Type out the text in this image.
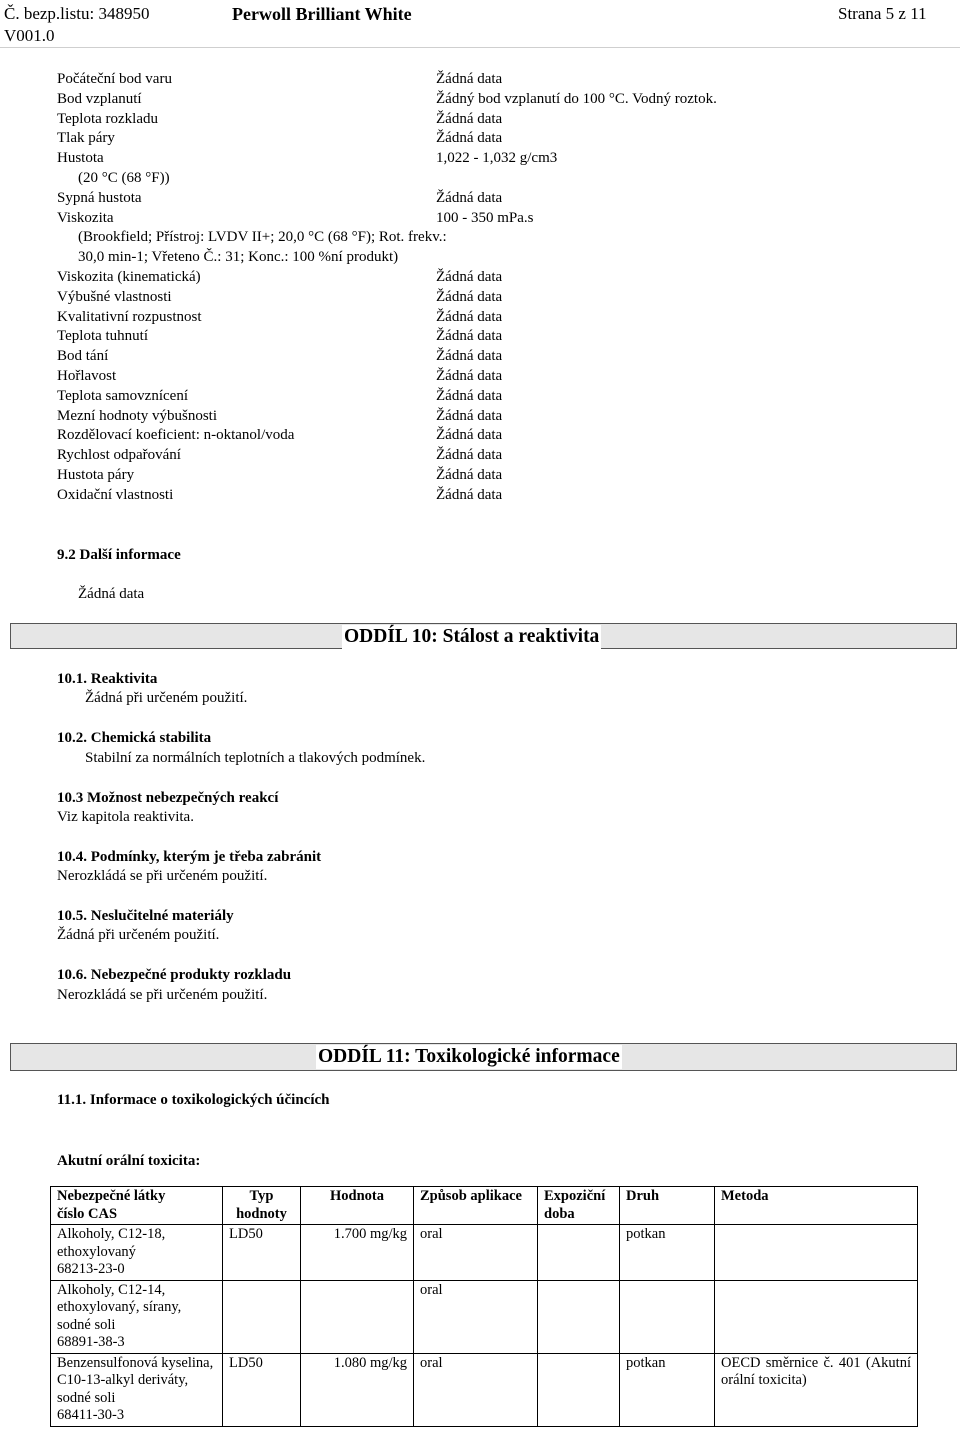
Č. bezp.listu: 348950
V001.0
Perwoll Brilliant White	Strana 5 z 11
Počáteční bod varu	Žádná data
Bod vzplanutí	Žádný bod vzplanutí do 100 °C. Vodný roztok.
Teplota rozkladu	Žádná data
Tlak páry	Žádná data
Hustota	1,022 - 1,032 g/cm3
(20 °C (68 °F))
Sypná hustota	Žádná data
Viskozita	100 - 350 mPa.s
(Brookfield; Přístroj: LVDV II+; 20,0 °C (68 °F); Rot. frekv.: 30,0 min-1; Vřeteno Č.: 31; Konc.: 100 %ní produkt)
Viskozita (kinematická)	Žádná data
Výbušné vlastnosti	Žádná data
Kvalitativní rozpustnost	Žádná data
Teplota tuhnutí	Žádná data
Bod tání	Žádná data
Hořlavost	Žádná data
Teplota samovznícení	Žádná data
Mezní hodnoty výbušnosti	Žádná data
Rozdělovací koeficient: n-oktanol/voda	Žádná data
Rychlost odpařování	Žádná data
Hustota páry	Žádná data
Oxidační vlastnosti	Žádná data
9.2 Další informace
Žádná data
ODDÍL 10: Stálost a reaktivita
10.1. Reaktivita
Žádná při určeném použití.
10.2. Chemická stabilita
Stabilní za normálních teplotních a tlakových podmínek.
10.3 Možnost nebezpečných reakcí
Viz kapitola reaktivita.
10.4. Podmínky, kterým je třeba zabránit
Nerozkládá se při určeném použití.
10.5. Neslučitelné materiály
Žádná při určeném použití.
10.6. Nebezpečné produkty rozkladu
Nerozkládá se při určeném použití.
ODDÍL 11: Toxikologické informace
11.1. Informace o toxikologických účincích
Akutní orální toxicita:
Nebezpečné látky
číslo CAS	Typ hodnoty	Hodnota	Způsob aplikace	Expoziční doba	Druh	Metoda

Alkoholy, C12-18, ethoxylovaný
68213-23-0	LD50	1.700 mg/kg	oral		potkan	

Alkoholy, C12-14, ethoxylovaný, sírany, sodné soli
68891-38-3			oral			

Benzensulfonová kyselina, C10-13-alkyl deriváty, sodné soli
68411-30-3	LD50	1.080 mg/kg	oral		potkan	OECD směrnice č. 401 (Akutní orální toxicita)
